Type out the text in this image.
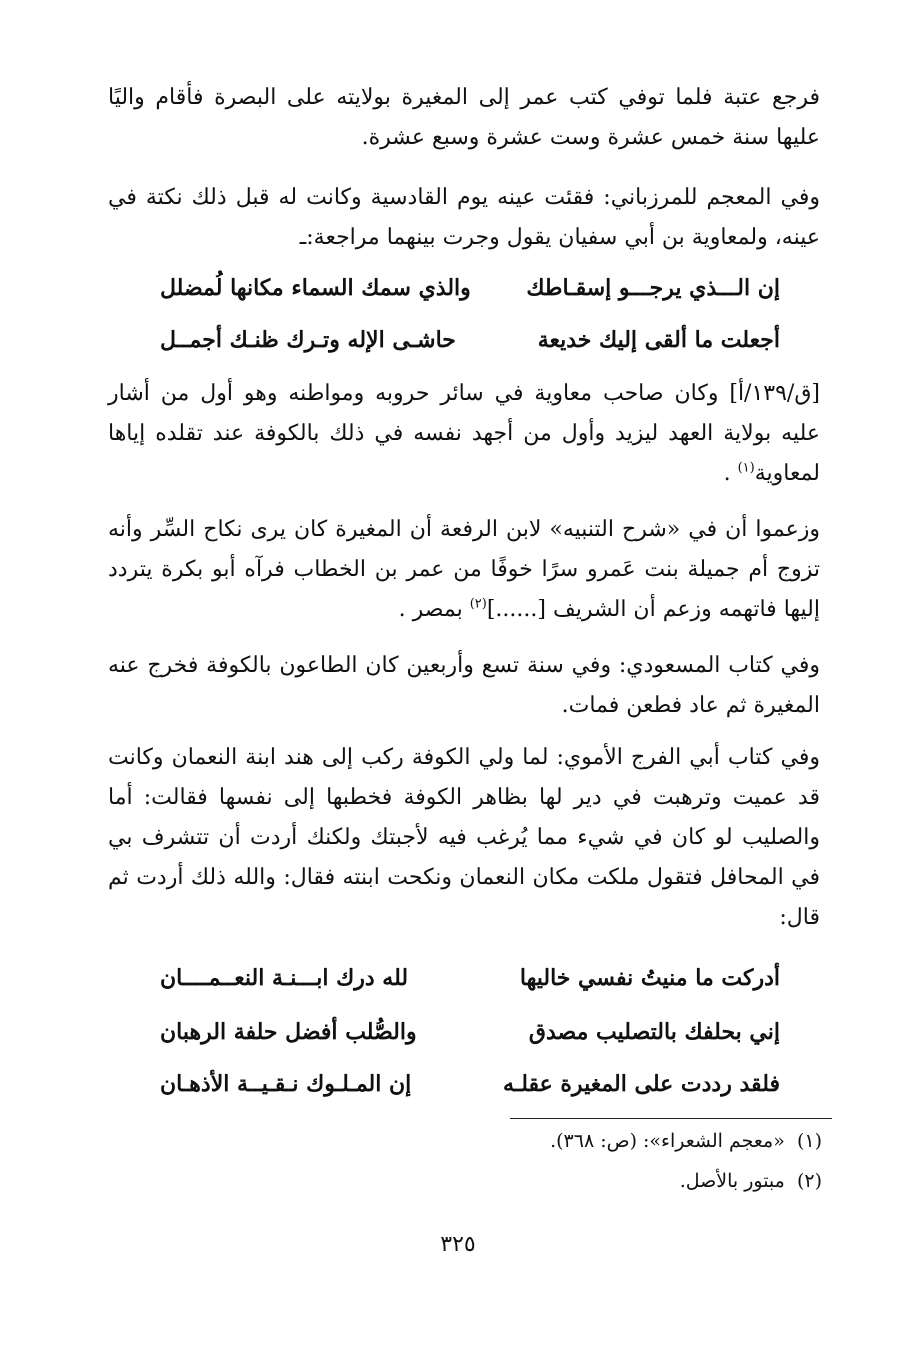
فرجع عتبة فلما توفي كتب عمر إلى المغيرة بولايته على البصرة فأقام واليًا عليها سنة خمس عشرة وست عشرة وسبع عشرة.

وفي المعجم للمرزباني: فقئت عينه يوم القادسية وكانت له قبل ذلك نكتة في عينه، ولمعاوية بن أبي سفيان يقول وجرت بينهما مراجعة:ـ

إن الـــذي يرجـــو إسقـاطك
والذي سمك السماء مكانها لُمضلل
أجعلت ما ألقى إليك خديعة
حاشـى الإله وتـرك ظنـك أجمــل

[ق/١٣٩/أ] وكان صاحب معاوية في سائر حروبه ومواطنه وهو أول من أشار عليه بولاية العهد ليزيد وأول من أجهد نفسه في ذلك بالكوفة عند تقلده إياها لمعاوية$^{(١)}$ .

وزعموا أن في «شرح التنبيه» لابن الرفعة أن المغيرة كان يرى نكاح السِّر وأنه تزوج أم جميلة بنت عَمرو سرًا خوفًا من عمر بن الخطاب فرآه أبو بكرة يتردد إليها فاتهمه وزعم أن الشريف [......]$^{(٢)}$ بمصر .

وفي كتاب المسعودي: وفي سنة تسع وأربعين كان الطاعون بالكوفة فخرج عنه المغيرة ثم عاد فطعن فمات.

وفي كتاب أبي الفرج الأموي: لما ولي الكوفة ركب إلى هند ابنة النعمان وكانت قد عميت وترهبت في دير لها بظاهر الكوفة فخطبها إلى نفسها فقالت: أما والصليب لو كان في شيء مما يُرغب فيه لأجبتك ولكنك أردت أن تتشرف بي في المحافل فتقول ملكت مكان النعمان ونكحت ابنته فقال: والله ذلك أردت ثم قال:

أدركت ما منيتُ نفسي خاليها
لله درك ابـــنـة النعــمــــان
إني بحلفك بالتصليب مصدق
والصُّلب أفضل حلفة الرهبان
فلقد رددت على المغيرة عقلـه
إن المـلـوك نـقـيــة الأذهـان
(١)  «معجم الشعراء»: (ص: ٣٦٨).
(٢)  مبتور بالأصل.
٣٢٥
